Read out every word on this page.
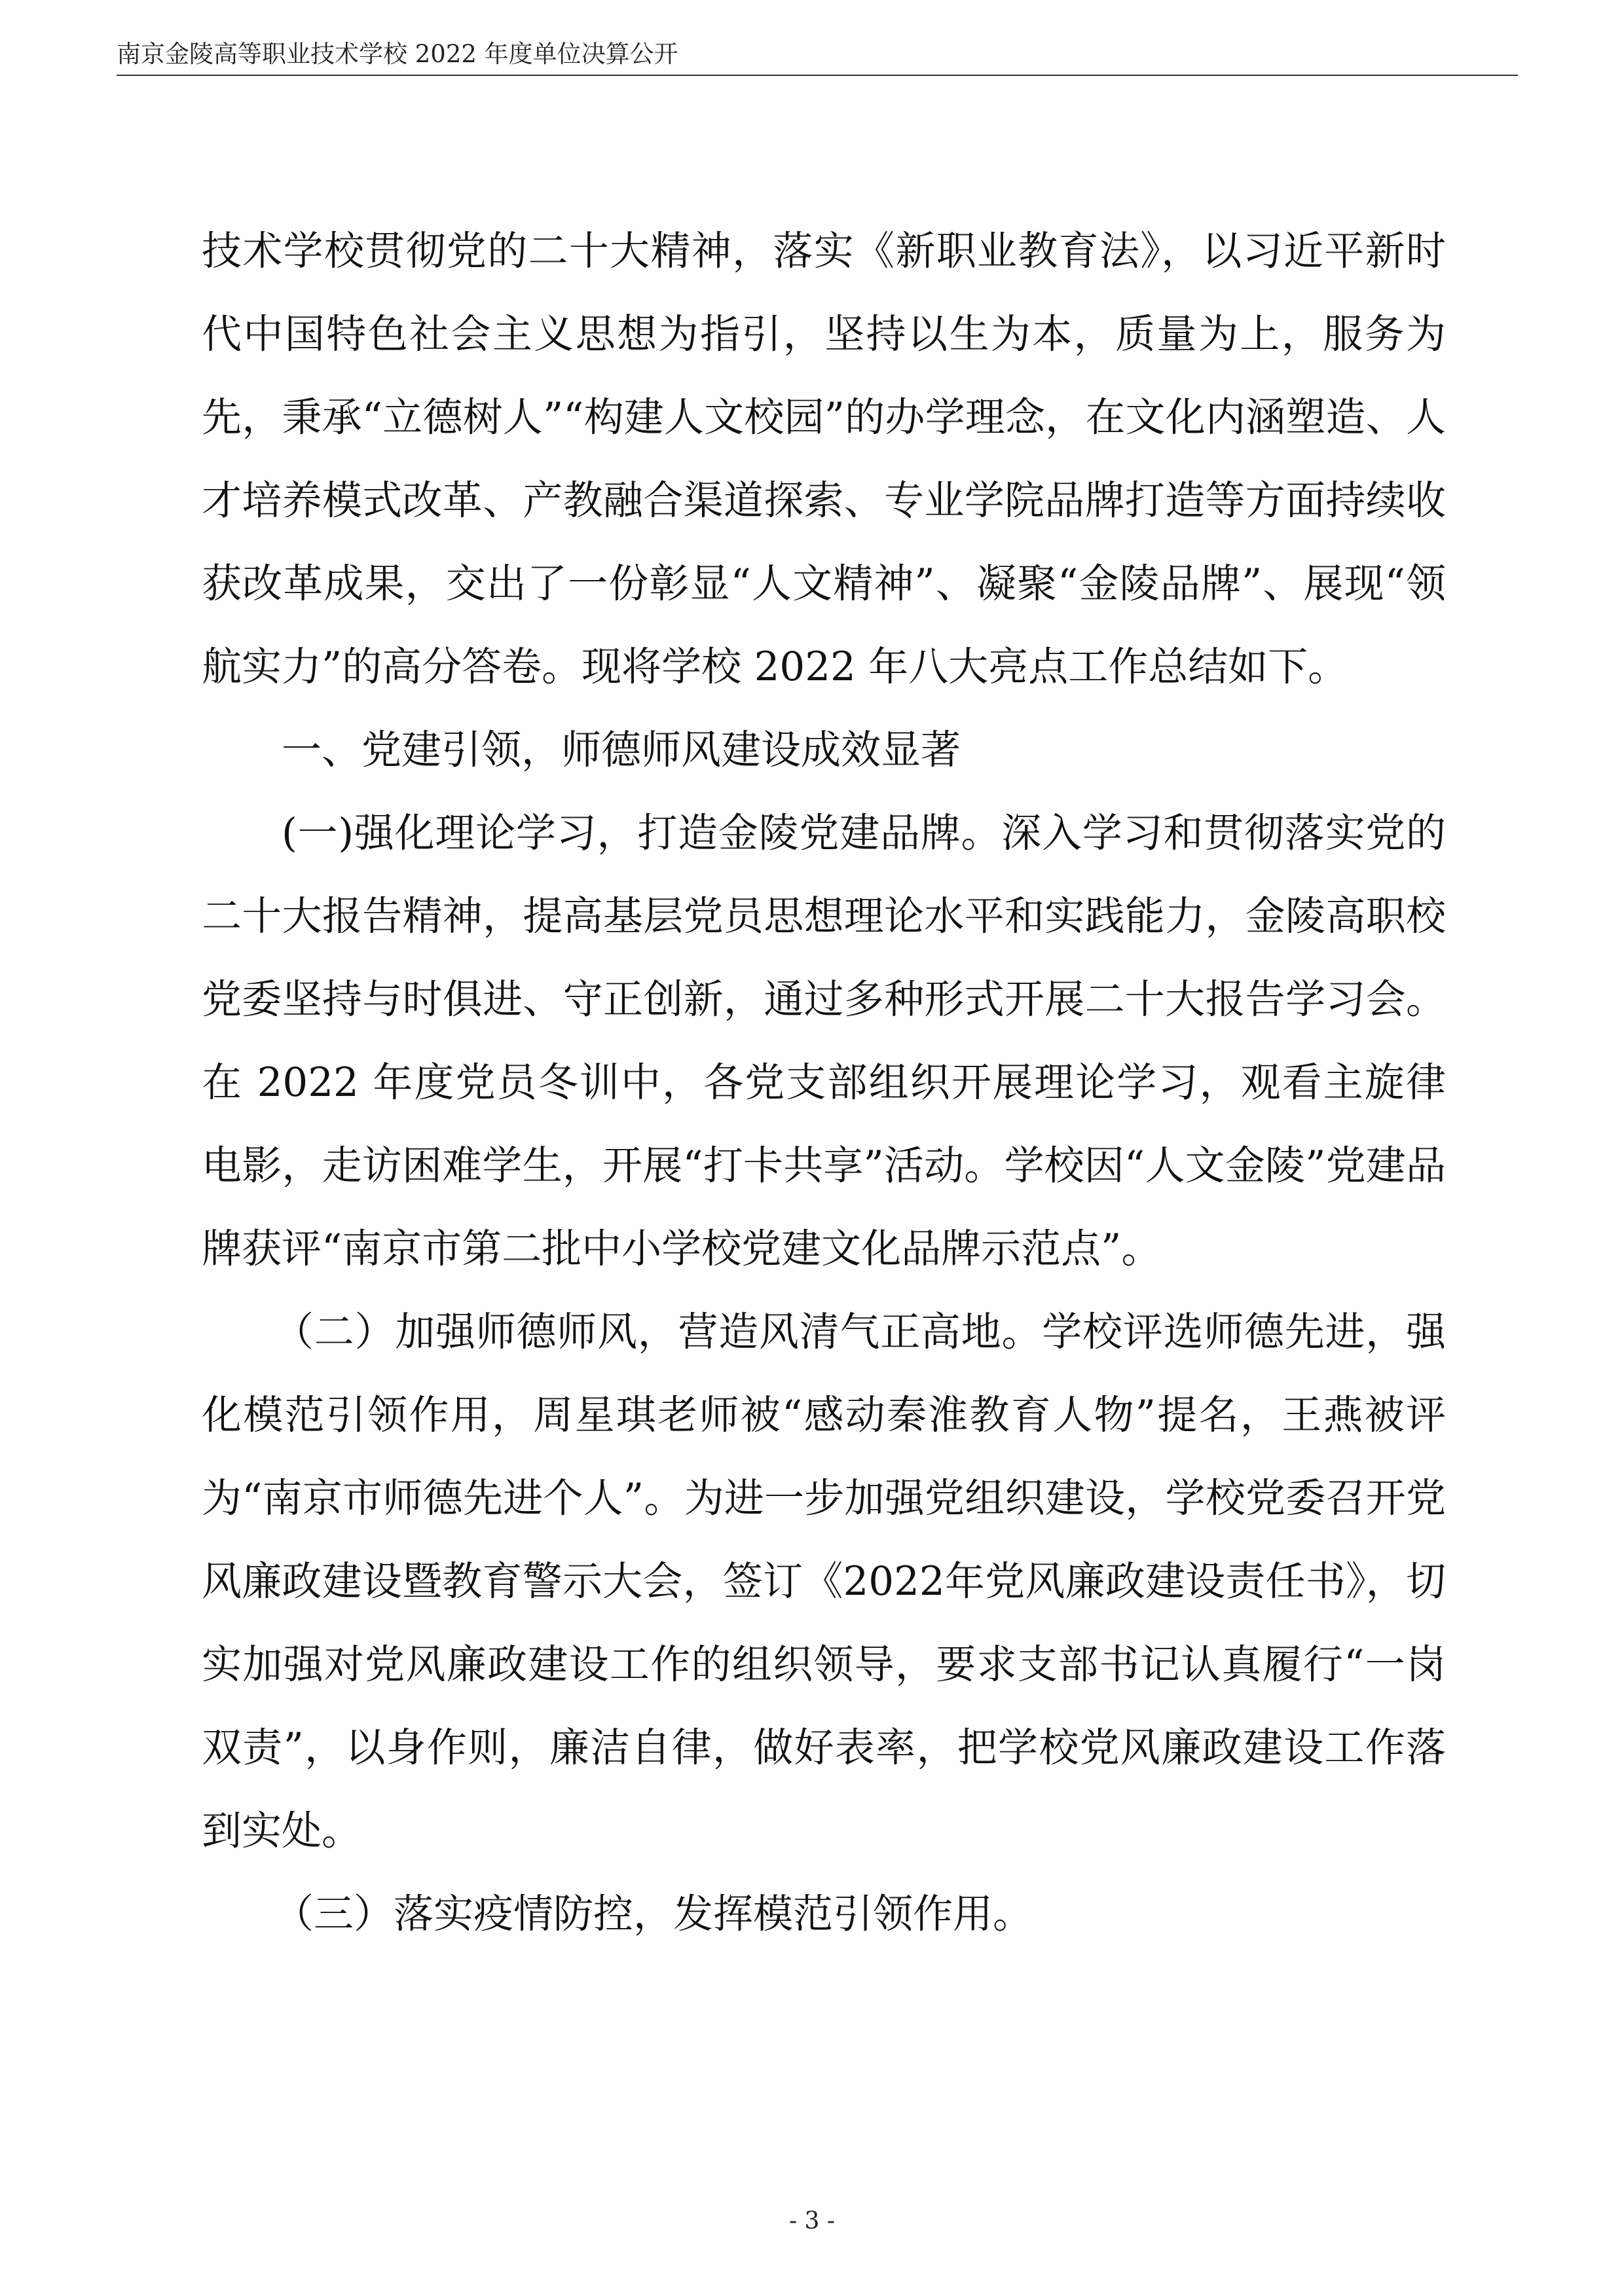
南京金陵高等职业技术学校 2022 年度单位决算公开

技术学校贯彻党的二十大精神，落实《新职业教育法》，以习近平新时代中国特色社会主义思想为指引，坚持以生为本，质量为上，服务为先，秉承“立德树人”“构建人文校园”的办学理念，在文化内涵塑造、人才培养模式改革、产教融合渠道探索、专业学院品牌打造等方面持续收获改革成果，交出了一份彰显“人文精神”、凝聚“金陵品牌”、展现“领航实力”的高分答卷。现将学校 2022 年八大亮点工作总结如下。

一、党建引领，师德师风建设成效显著

(一)强化理论学习，打造金陵党建品牌。深入学习和贯彻落实党的二十大报告精神，提高基层党员思想理论水平和实践能力，金陵高职校党委坚持与时俱进、守正创新，通过多种形式开展二十大报告学习会。在 2022 年度党员冬训中，各党支部组织开展理论学习，观看主旋律电影，走访困难学生，开展“打卡共享”活动。学校因“人文金陵”党建品牌获评“南京市第二批中小学校党建文化品牌示范点”。

（二）加强师德师风，营造风清气正高地。学校评选师德先进，强化模范引领作用，周星琪老师被“感动秦淮教育人物”提名，王燕被评为“南京市师德先进个人”。为进一步加强党组织建设，学校党委召开党风廉政建设暨教育警示大会，签订《2022年党风廉政建设责任书》，切实加强对党风廉政建设工作的组织领导，要求支部书记认真履行“一岗双责”，以身作则，廉洁自律，做好表率，把学校党风廉政建设工作落到实处。

（三）落实疫情防控，发挥模范引领作用。

- 3 -
